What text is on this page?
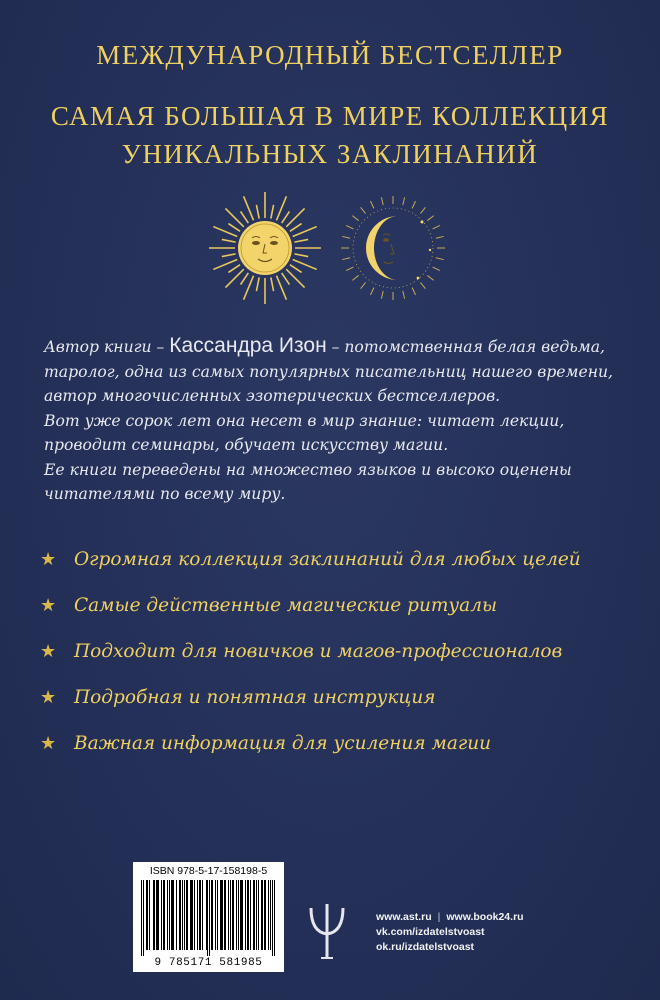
МЕЖДУНАРОДНЫЙ БЕСТСЕЛЛЕР
САМАЯ БОЛЬШАЯ В МИРЕ КОЛЛЕКЦИЯ
УНИКАЛЬНЫХ ЗАКЛИНАНИЙ
Автор книги – Кассандра Изон – потомственная белая ведьма,
таролог, одна из самых популярных писательниц нашего времени,
автор многочисленных эзотерических бестселлеров.
Вот уже сорок лет она несет в мир знание: читает лекции,
проводит семинары, обучает искусству магии.
Ее книги переведены на множество языков и высоко оценены
читателями по всему миру.
★ Огромная коллекция заклинаний для любых целей
★ Самые действенные магические ритуалы
★ Подходит для новичков и магов-профессионалов
★ Подробная и понятная инструкция
★ Важная информация для усиления магии
ISBN 978-5-17-158198-5
9 785171 581985
www.ast.ru | www.book24.ru
vk.com/izdatelstvoast
ok.ru/izdatelstvoast
